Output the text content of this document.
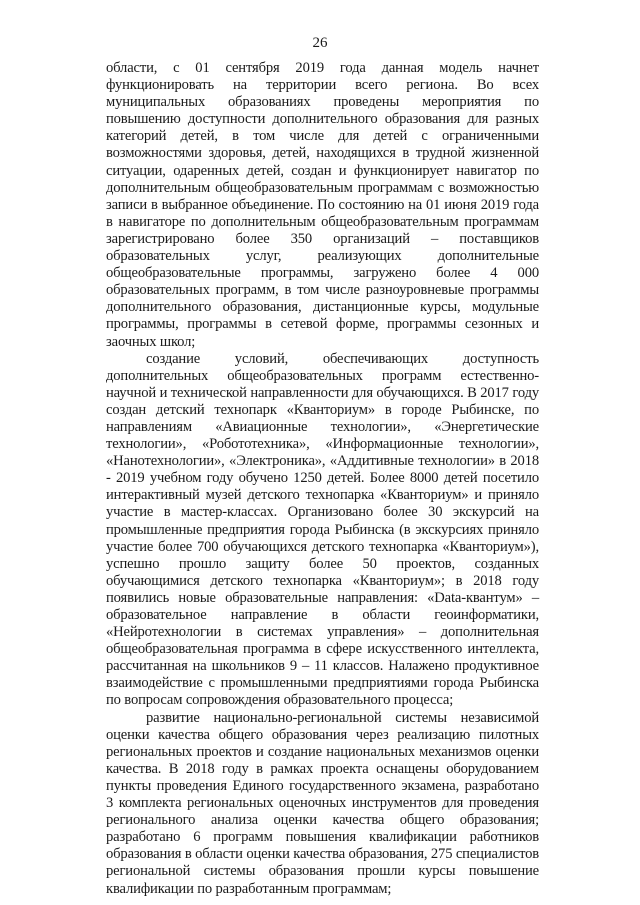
26

области, с 01 сентября 2019 года данная модель начнет функционировать на территории всего региона. Во всех муниципальных образованиях проведены мероприятия по повышению доступности дополнительного образования для разных категорий детей, в том числе для детей с ограниченными возможностями здоровья, детей, находящихся в трудной жизненной ситуации, одаренных детей, создан и функционирует навигатор по дополнительным общеобразовательным программам с возможностью записи в выбранное объединение. По состоянию на 01 июня 2019 года в навигаторе по дополнительным общеобразовательным программам зарегистрировано более 350 организаций – поставщиков образовательных услуг, реализующих дополнительные общеобразовательные программы, загружено более 4 000 образовательных программ, в том числе разноуровневые программы дополнительного образования, дистанционные курсы, модульные программы, программы в сетевой форме, программы сезонных и заочных школ;

создание условий, обеспечивающих доступность дополнительных общеобразовательных программ естественно-научной и технической направленности для обучающихся. В 2017 году создан детский технопарк «Кванториум» в городе Рыбинске, по направлениям «Авиационные технологии», «Энергетические технологии», «Робототехника», «Информационные технологии», «Нанотехнологии», «Электроника», «Аддитивные технологии» в 2018 - 2019 учебном году обучено 1250 детей. Более 8000 детей посетило интерактивный музей детского технопарка «Кванториум» и приняло участие в мастер-классах. Организовано более 30 экскурсий на промышленные предприятия города Рыбинска (в экскурсиях приняло участие более 700 обучающихся детского технопарка «Кванториум»), успешно прошло защиту более 50 проектов, созданных обучающимися детского технопарка «Кванториум»; в 2018 году появились новые образовательные направления: «Data-квантум» – образовательное направление в области геоинформатики, «Нейротехнологии в системах управления» – дополнительная общеобразовательная программа в сфере искусственного интеллекта, рассчитанная на школьников 9 – 11 классов. Налажено продуктивное взаимодействие с промышленными предприятиями города Рыбинска по вопросам сопровождения образовательного процесса;

развитие национально-региональной системы независимой оценки качества общего образования через реализацию пилотных региональных проектов и создание национальных механизмов оценки качества. В 2018 году в рамках проекта оснащены оборудованием пункты проведения Единого государственного экзамена, разработано 3 комплекта региональных оценочных инструментов для проведения регионального анализа оценки качества общего образования; разработано 6 программ повышения квалификации работников образования в области оценки качества образования, 275 специалистов региональной системы образования прошли курсы повышение квалификации по разработанным программам;
